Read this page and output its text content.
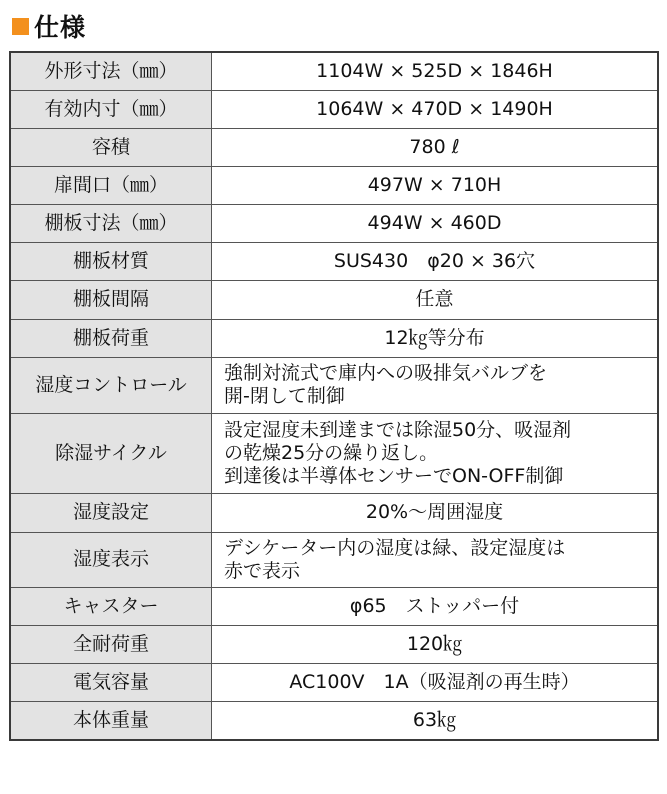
仕様
外形寸法（㎜）	1104W × 525D × 1846H
有効内寸（㎜）	1064W × 470D × 1490H
容積	780 ℓ
扉間口（㎜）	497W × 710H
棚板寸法（㎜）	494W × 460D
棚板材質	SUS430　φ20 × 36穴
棚板間隔	任意
棚板荷重	12㎏等分布
湿度コントロール	強制対流式で庫内への吸排気バルブを
開-閉して制御

除湿サイクル	設定湿度未到達までは除湿50分、吸湿剤
の乾燥25分の繰り返し。
到達後は半導体センサーでON-OFF制御

湿度設定	20%〜周囲湿度
湿度表示	デシケーター内の湿度は緑、設定湿度は
赤で表示

キャスター	φ65　ストッパー付
全耐荷重	120㎏
電気容量	AC100V　1A（吸湿剤の再生時）
本体重量	63㎏
